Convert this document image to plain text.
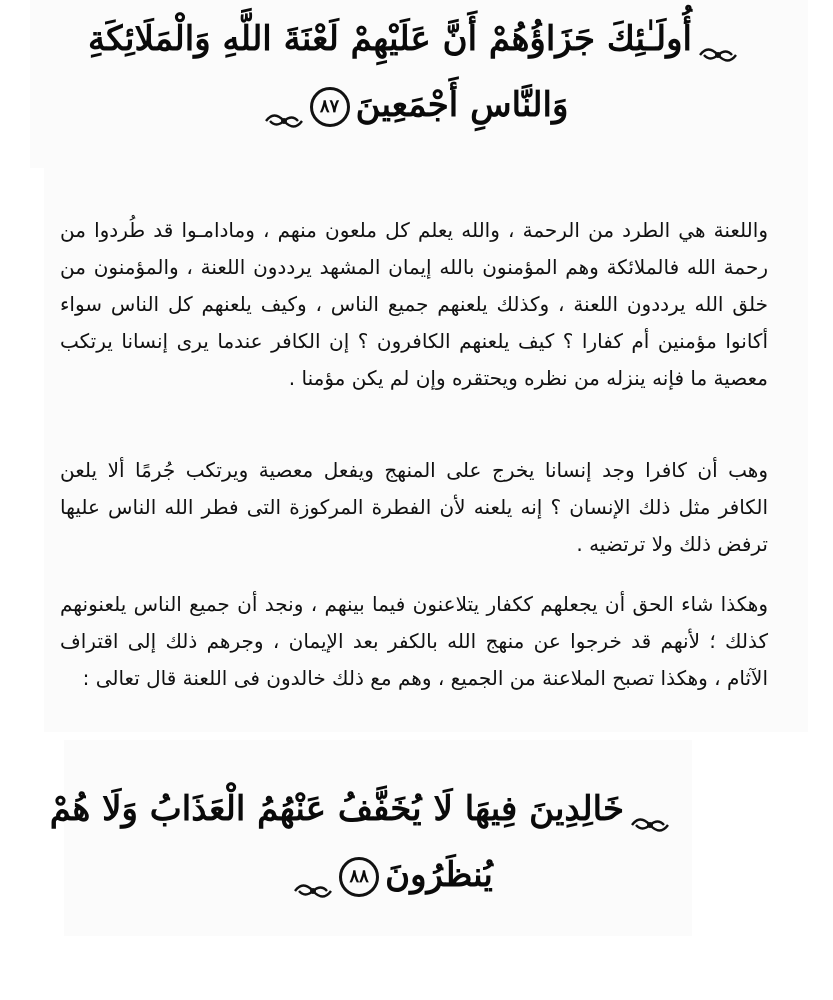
أُولَـٰئِكَ جَزَاؤُهُمْ أَنَّ عَلَيْهِمْ لَعْنَةَ اللَّهِ وَالْمَلَائِكَةِ
وَالنَّاسِ أَجْمَعِينَ٨٧
واللعنة هي الطرد من الرحمة ، والله يعلم كل ملعون منهم ، ومادامـوا قد طُردوا من رحمة الله فالملائكة وهم المؤمنون بالله إيمان المشهد يرددون اللعنة ، والمؤمنون من خلق الله يرددون اللعنة ، وكذلك يلعنهم جميع الناس ، وكيف يلعنهم كل الناس سواء أكانوا مؤمنين أم كفارا ؟ كيف يلعنهم الكافرون ؟ إن الكافر عندما يرى إنسانا يرتكب معصية ما فإنه ينزله من نظره ويحتقره وإن لم يكن مؤمنا .
وهب أن كافرا وجد إنسانا يخرج على المنهج ويفعل معصية ويرتكب جُرمًا ألا يلعن الكافر مثل ذلك الإنسان ؟ إنه يلعنه لأن الفطرة المركوزة التى فطر الله الناس عليها ترفض ذلك ولا ترتضيه .
وهكذا شاء الحق أن يجعلهم ككفار يتلاعنون فيما بينهم ، ونجد أن جميع الناس يلعنونهم كذلك ؛ لأنهم قد خرجوا عن منهج الله بالكفر بعد الإيمان ، وجرهم ذلك إلى اقتراف الآثام ، وهكذا تصبح الملاعنة من الجميع ، وهم مع ذلك خالدون فى اللعنة قال تعالى :
خَالِدِينَ فِيهَا لَا يُخَفَّفُ عَنْهُمُ الْعَذَابُ وَلَا هُمْ
يُنظَرُونَ٨٨
